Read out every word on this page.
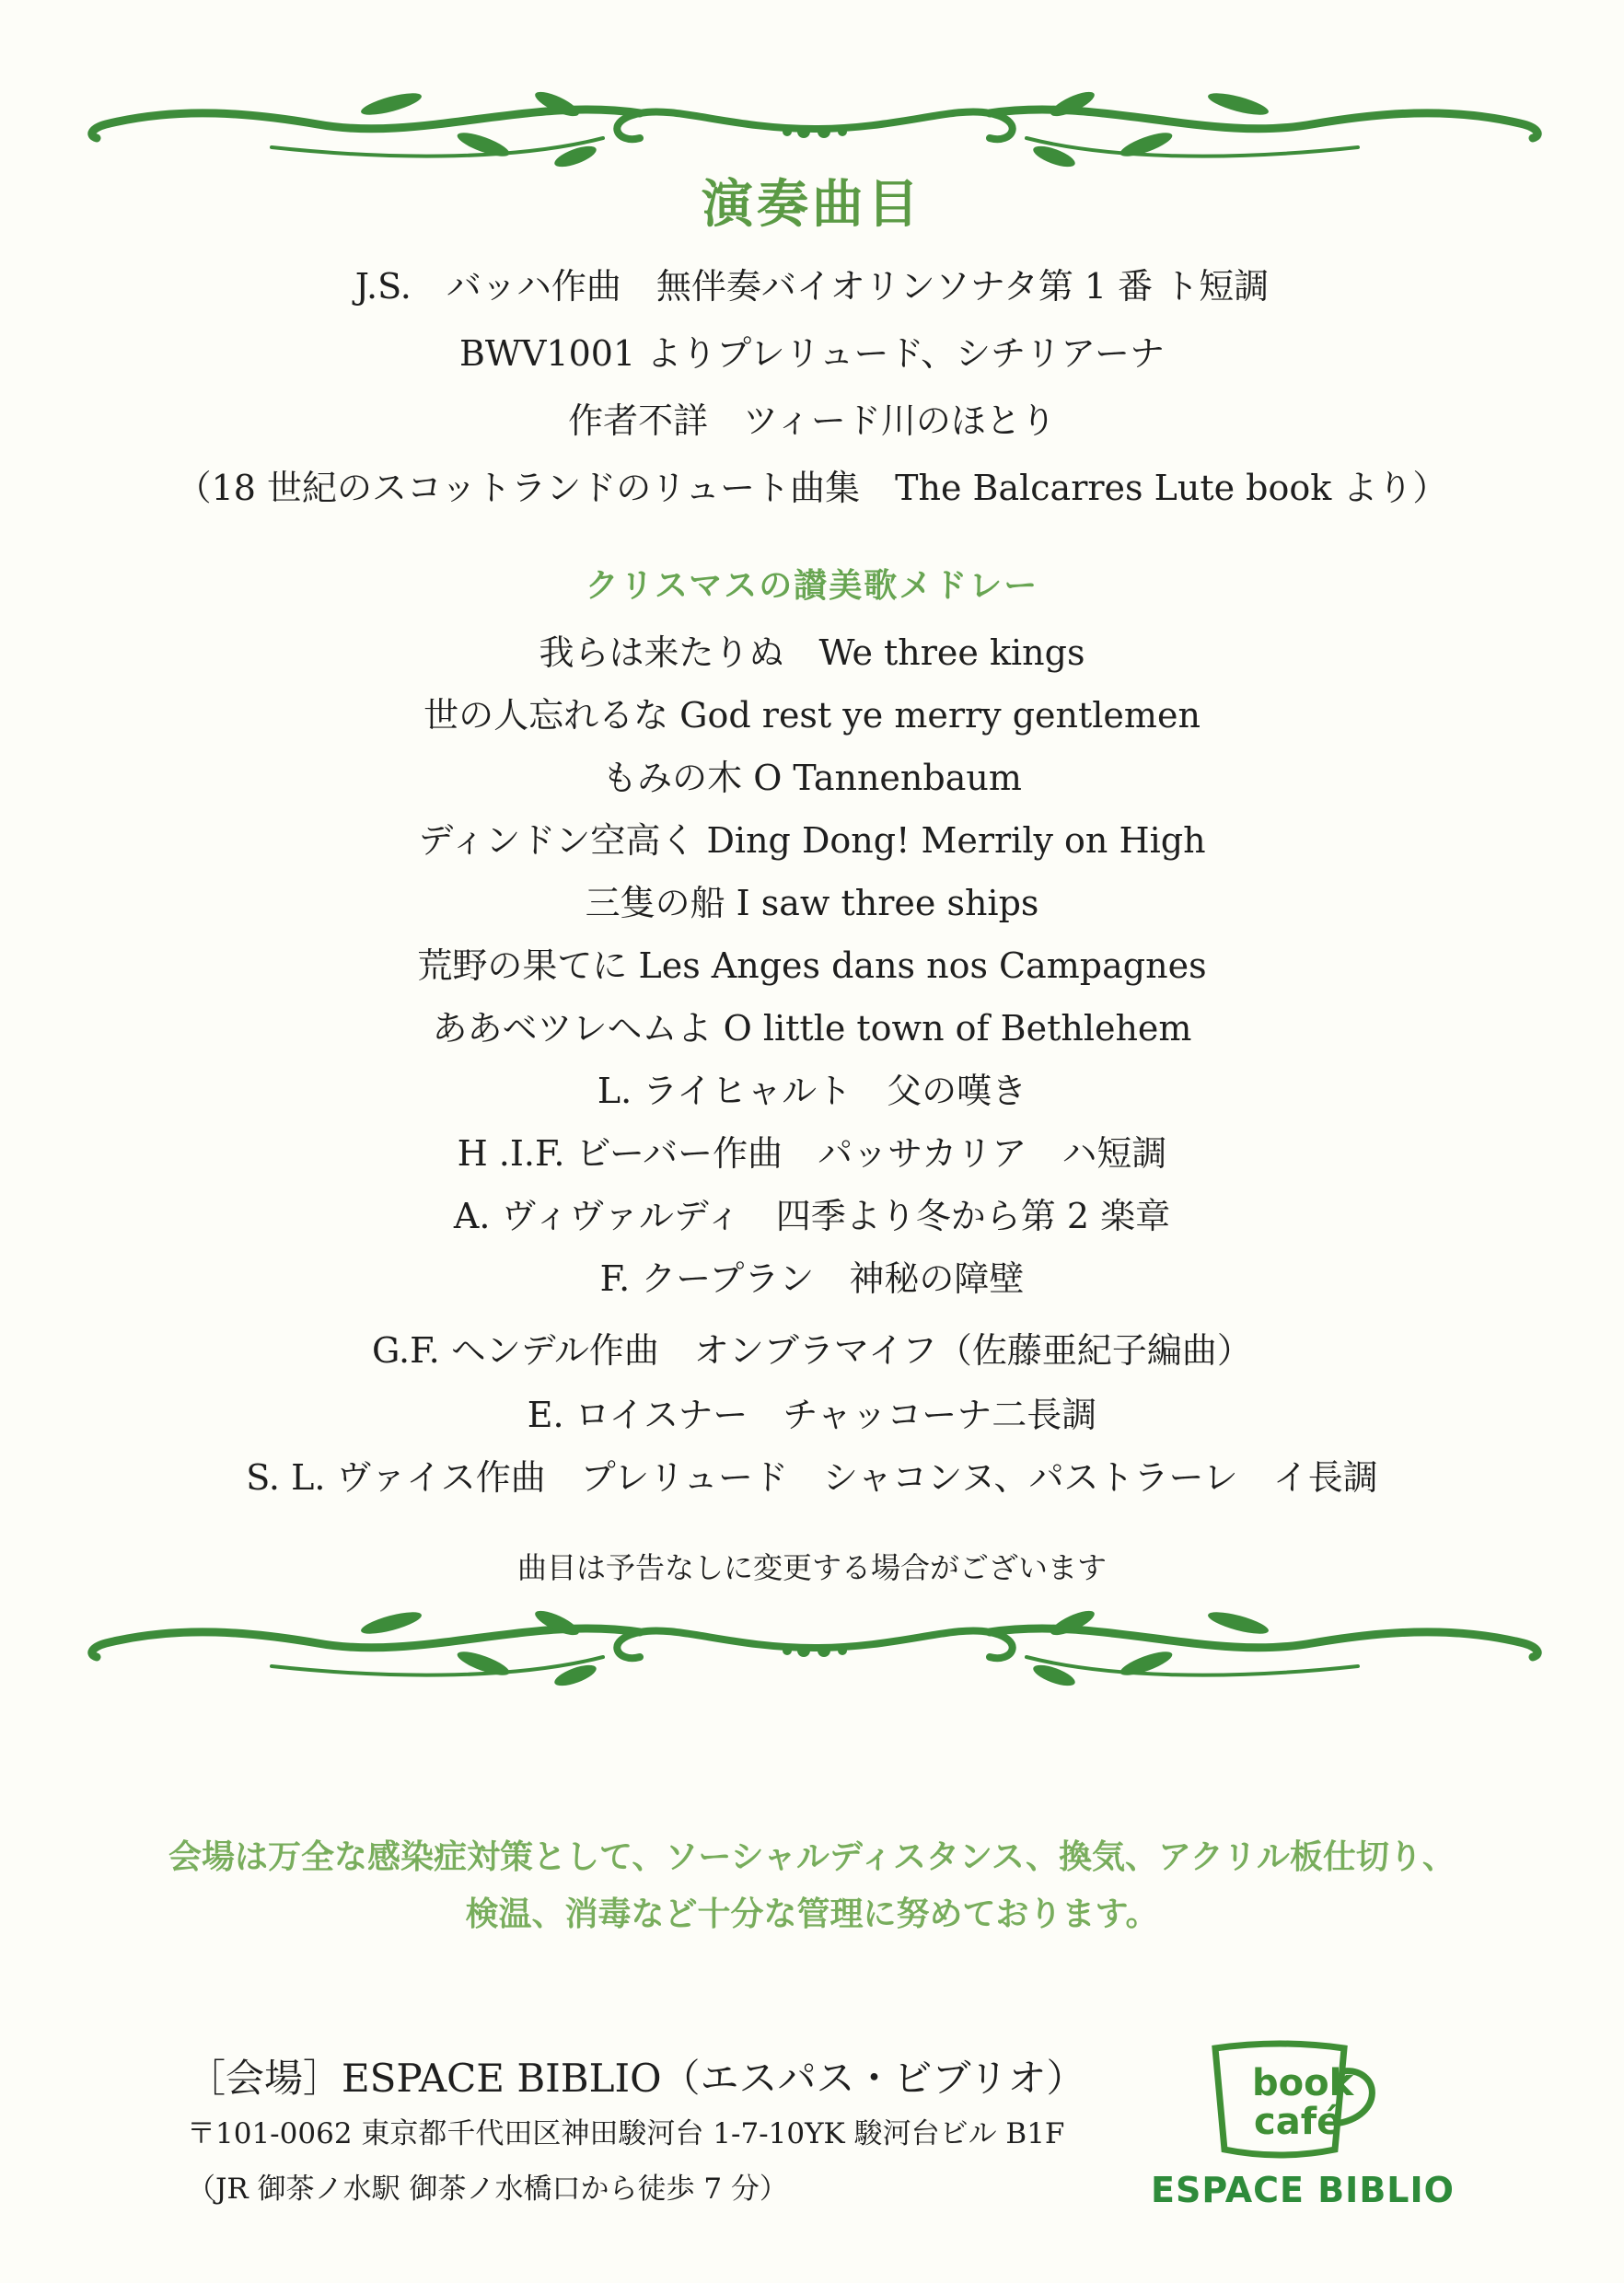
演奏曲目
J.S.　バッハ作曲　無伴奏バイオリンソナタ第 1 番 ト短調
BWV1001 よりプレリュード、シチリアーナ
作者不詳　ツィード川のほとり
（18 世紀のスコットランドのリュート曲集　The Balcarres Lute book より）
クリスマスの讃美歌メドレー
我らは来たりぬ　We three kings
世の人忘れるな God rest ye merry gentlemen
もみの木 O Tannenbaum
ディンドン空高く Ding Dong! Merrily on High
三隻の船 I saw three ships
荒野の果てに Les Anges dans nos Campagnes
ああベツレヘムよ O little town of Bethlehem
L. ライヒャルト　父の嘆き
H .I.F. ビーバー作曲　パッサカリア　ハ短調
A. ヴィヴァルディ　四季より冬から第 2 楽章
F. クープラン　神秘の障壁
G.F. ヘンデル作曲　オンブラマイフ（佐藤亜紀子編曲）
E. ロイスナー　チャッコーナ二長調
S. L. ヴァイス作曲　プレリュード　シャコンヌ、パストラーレ　イ長調
曲目は予告なしに変更する場合がございます
会場は万全な感染症対策として、ソーシャルディスタンス、換気、アクリル板仕切り、
検温、消毒など十分な管理に努めております。
［会場］ESPACE BIBLIO（エスパス・ビブリオ）
〒101-0062 東京都千代田区神田駿河台 1-7-10YK 駿河台ビル B1F
（JR 御茶ノ水駅 御茶ノ水橋口から徒歩 7 分）
book
café
ESPACE BIBLIO
